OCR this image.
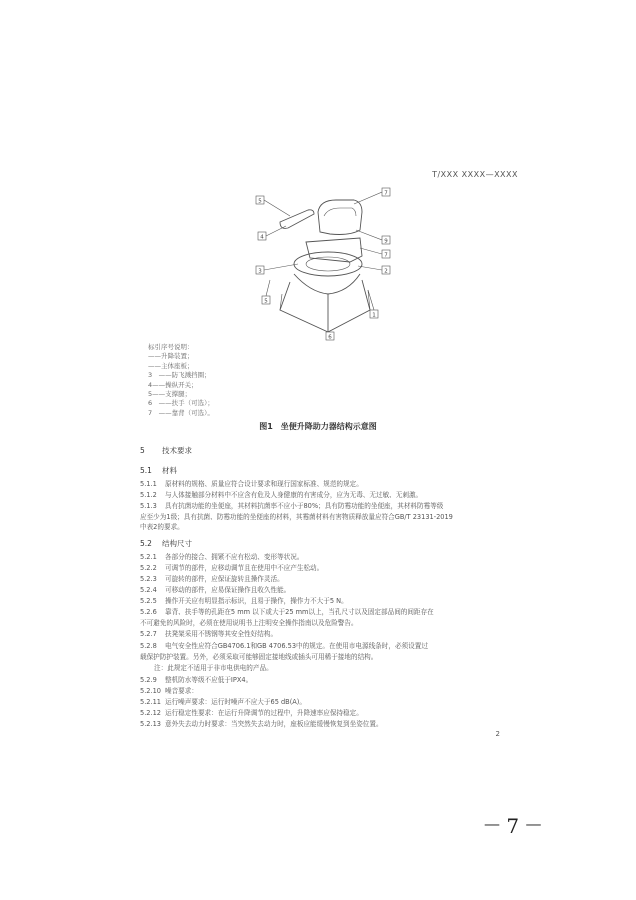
T/XXX XXXX—XXXX
5
4
3
5
7
9
7
2
1
6
标引序号说明：
——升降装置；
——主体座板；
3　——防飞溅挡圈；
4——操纵开关；
5——支撑腿；
6　——扶手（可选）；
7　——靠背（可选）。
图1　坐便升降助力器结构示意图
5 技术要求
5.1 材料
5.1.1 原材料的规格、质量应符合设计要求和现行国家标准、规范的规定。
5.1.2 与人体接触部分材料中不应含有危及人身健康的有害成分，应为无毒、无过敏、无刺激。
5.1.3 具有抗菌功能的坐便座，其材料抗菌率不应小于80%；具有防霉功能的坐便座，其材料防霉等级
应至少为1级；具有抗菌、防霉功能的坐便座的材料，其霉菌材料有害物质释放量应符合GB/T 23131-2019
中表2的要求。
5.2 结构尺寸
5.2.1 各部分的接合、拥紧不应有松动、变形等状况。
5.2.2 可调节的部件，应移动调节且在使用中不应产生松动。
5.2.3 可旋转的部件，应保证旋转且操作灵活。
5.2.4 可移动的部件，应易保证操作且收久性能。
5.2.5 操作开关应有明显指示标识，且易于操作，操作力不大于5 N。
5.2.6 靠背、扶手等的孔距在5 mm 以下或大于25 mm以上，当孔尺寸以及固定部品间的间距存在
不可避免的风险时，必须在使用说明书上注明安全操作指南以及危险警告。
5.2.7 扶凳架采用不锈钢等其安全性好结构。
5.2.8 电气安全性应符合GB4706.1和GB 4706.53中的规定。在使用市电源线条时，必须设置过
载保护防护装置。另外，必须采取可能够固定接地线或插头可用稀于接地的结构。
注：此规定不适用于非市电供电的产品。
5.2.9 整机防水等级不应低于IPX4。
5.2.10 噪音要求：
5.2.11 运行噪声要求：运行时噪声不应大于65 dB(A)。
5.2.12 运行稳定性要求：在运行升降调节的过程中，升降速率应保持稳定。
5.2.13 意外失去动力时要求：当突然失去动力时，座板应能缓慢恢复到坐姿位置。
2
— 7 —
